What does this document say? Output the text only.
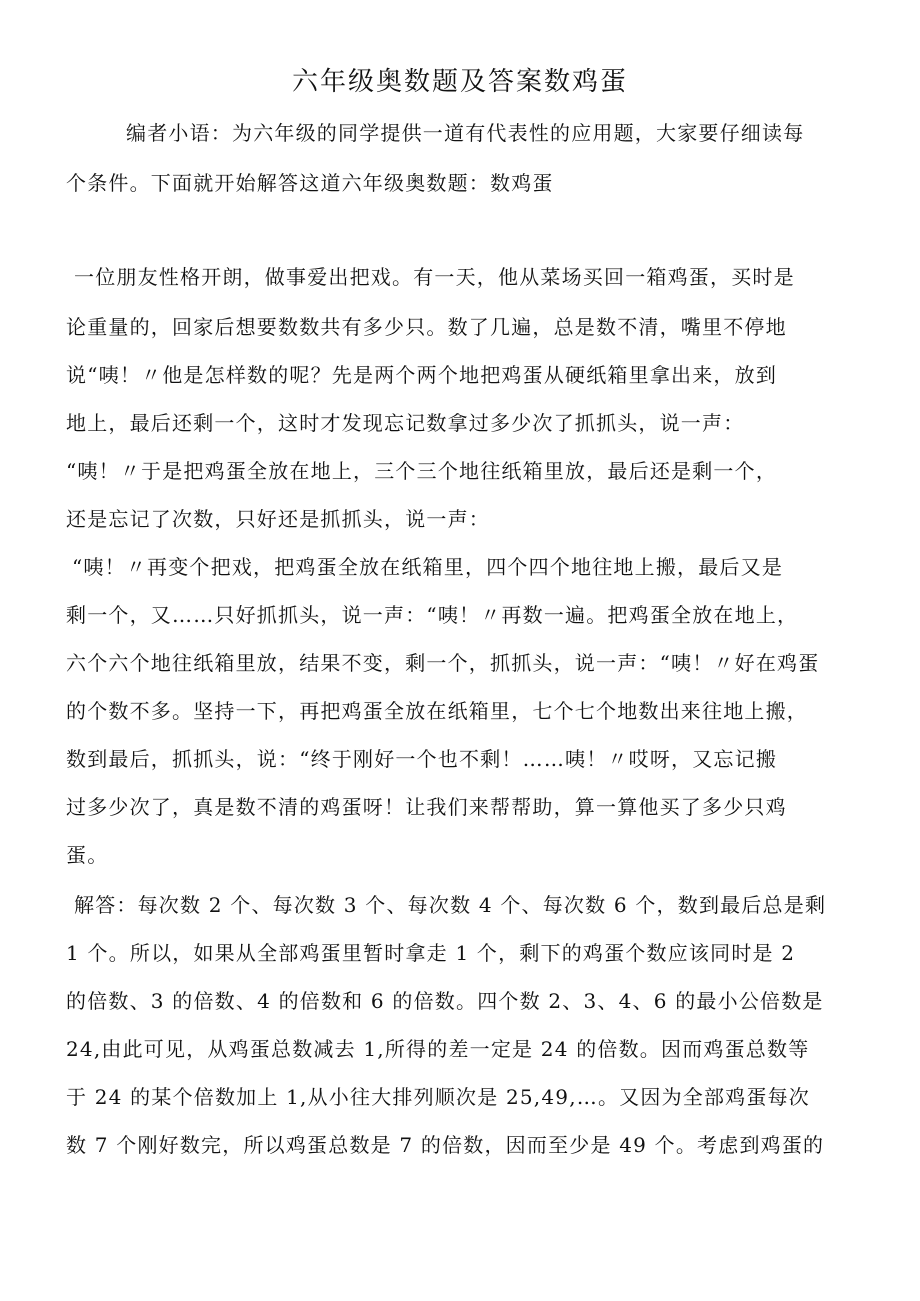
六年级奥数题及答案数鸡蛋

编者小语：为六年级的同学提供一道有代表性的应用题，大家要仔细读每

个条件。下面就开始解答这道六年级奥数题：数鸡蛋

一位朋友性格开朗，做事爱出把戏。有一天，他从菜场买回一箱鸡蛋，买时是

论重量的，回家后想要数数共有多少只。数了几遍，总是数不清，嘴里不停地

说“咦！〃他是怎样数的呢？先是两个两个地把鸡蛋从硬纸箱里拿出来，放到

地上，最后还剩一个，这时才发现忘记数拿过多少次了抓抓头，说一声：

“咦！〃于是把鸡蛋全放在地上，三个三个地往纸箱里放，最后还是剩一个，

还是忘记了次数，只好还是抓抓头，说一声：

“咦！〃再变个把戏，把鸡蛋全放在纸箱里，四个四个地往地上搬，最后又是

剩一个，又……只好抓抓头，说一声：“咦！〃再数一遍。把鸡蛋全放在地上，

六个六个地往纸箱里放，结果不变，剩一个，抓抓头，说一声：“咦！〃好在鸡蛋

的个数不多。坚持一下，再把鸡蛋全放在纸箱里，七个七个地数出来往地上搬，

数到最后，抓抓头，说：“终于刚好一个也不剩！……咦！〃哎呀，又忘记搬

过多少次了，真是数不清的鸡蛋呀！让我们来帮帮助，算一算他买了多少只鸡

蛋。

解答：每次数 2 个、每次数 3 个、每次数 4 个、每次数 6 个，数到最后总是剩

1 个。所以，如果从全部鸡蛋里暂时拿走 1 个，剩下的鸡蛋个数应该同时是 2

的倍数、3 的倍数、4 的倍数和 6 的倍数。四个数 2、3、4、6 的最小公倍数是

24,由此可见，从鸡蛋总数减去 1,所得的差一定是 24 的倍数。因而鸡蛋总数等

于 24 的某个倍数加上 1,从小往大排列顺次是 25,49,…。又因为全部鸡蛋每次

数 7 个刚好数完，所以鸡蛋总数是 7 的倍数，因而至少是 49 个。考虑到鸡蛋的
